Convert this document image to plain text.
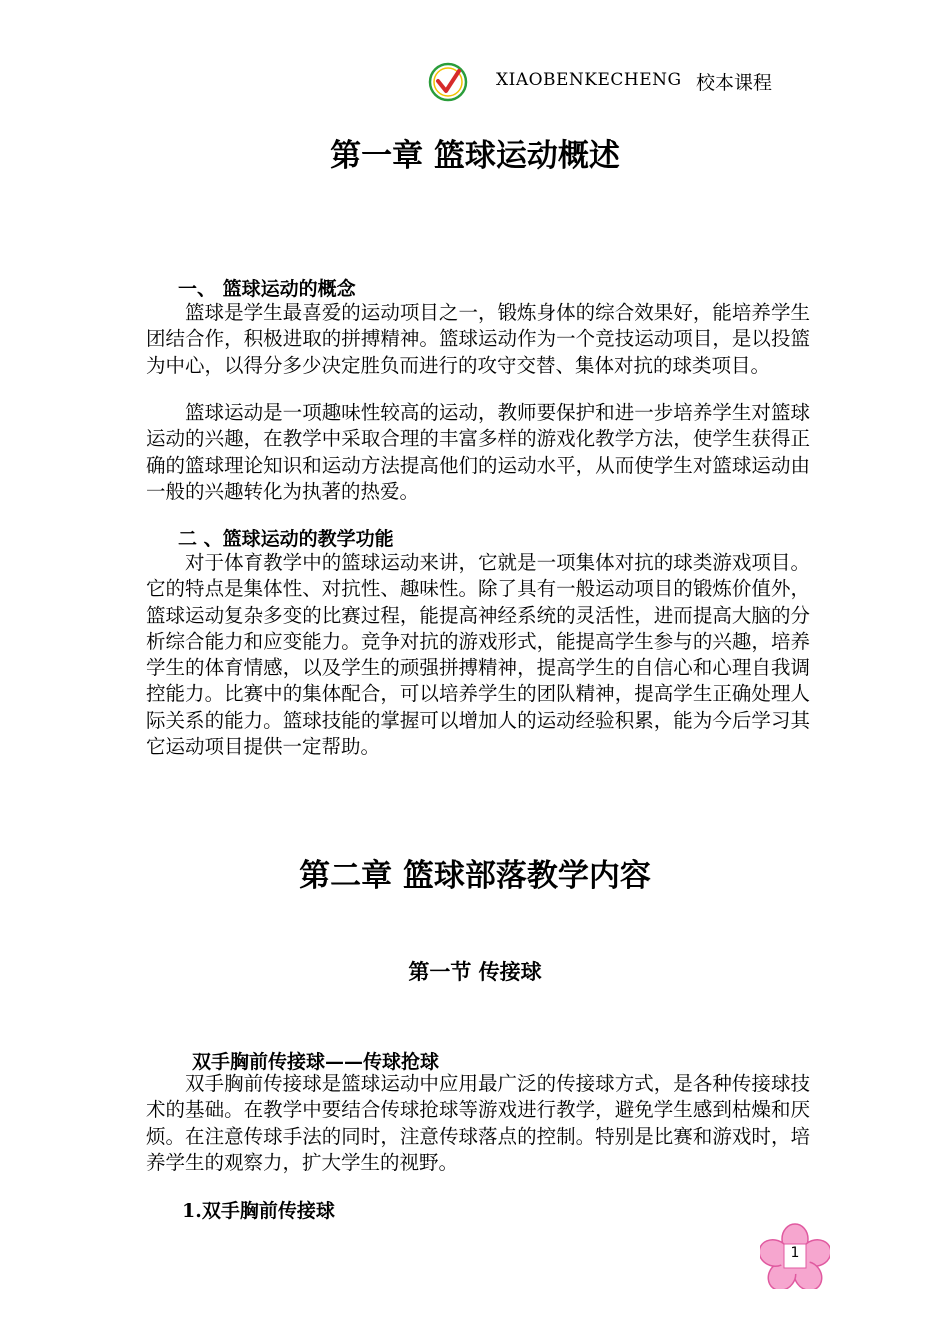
XIAOBENKECHENG 校本课程
第一章 篮球运动概述
一、 篮球运动的概念

篮球是学生最喜爱的运动项目之一，锻炼身体的综合效果好，能培养学生团结合作，积极进取的拼搏精神。篮球运动作为一个竞技运动项目，是以投篮为中心，以得分多少决定胜负而进行的攻守交替、集体对抗的球类项目。

篮球运动是一项趣味性较高的运动，教师要保护和进一步培养学生对篮球运动的兴趣，在教学中采取合理的丰富多样的游戏化教学方法，使学生获得正确的篮球理论知识和运动方法提高他们的运动水平，从而使学生对篮球运动由一般的兴趣转化为执著的热爱。

二 、篮球运动的教学功能

对于体育教学中的篮球运动来讲，它就是一项集体对抗的球类游戏项目。它的特点是集体性、对抗性、趣味性。除了具有一般运动项目的锻炼价值外，篮球运动复杂多变的比赛过程，能提高神经系统的灵活性，进而提高大脑的分析综合能力和应变能力。竞争对抗的游戏形式，能提高学生参与的兴趣，培养学生的体育情感，以及学生的顽强拼搏精神，提高学生的自信心和心理自我调控能力。比赛中的集体配合，可以培养学生的团队精神，提高学生正确处理人际关系的能力。篮球技能的掌握可以增加人的运动经验积累，能为今后学习其它运动项目提供一定帮助。

第二章 篮球部落教学内容
第一节 传接球
双手胸前传接球——传球抢球

双手胸前传接球是篮球运动中应用最广泛的传接球方式，是各种传接球技术的基础。在教学中要结合传球抢球等游戏进行教学，避免学生感到枯燥和厌烦。在注意传球手法的同时，注意传球落点的控制。特别是比赛和游戏时，培养学生的观察力，扩大学生的视野。

1.双手胸前传接球
1
